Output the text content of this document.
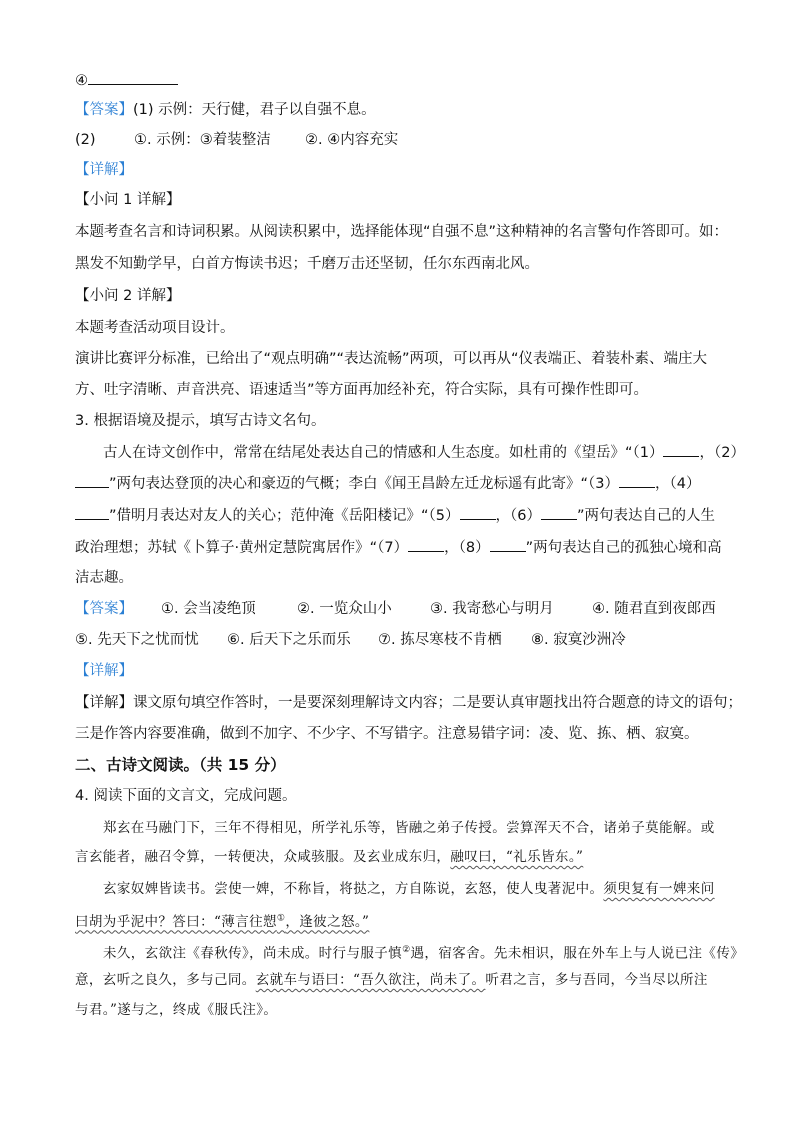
④
【答案】(1) 示例：天行健，君子以自强不息。
(2)	①. 示例：③着装整洁 ②. ④内容充实
【详解】
【小问 1 详解】
本题考查名言和诗词积累。从阅读积累中，选择能体现“自强不息”这种精神的名言警句作答即可。如：
黑发不知勤学早，白首方悔读书迟；千磨万击还坚韧，任尔东西南北风。
【小问 2 详解】
本题考查活动项目设计。
演讲比赛评分标准，已给出了“观点明确”“表达流畅”两项，可以再从“仪表端正、着装朴素、端庄大
方、吐字清晰、声音洪亮、语速适当”等方面再加经补充，符合实际，具有可操作性即可。
3. 根据语境及提示，填写古诗文名句。
古人在诗文创作中，常常在结尾处表达自己的情感和人生态度。如杜甫的《望岳》“（1） ，（2）
”两句表达登顶的决心和豪迈的气概；李白《闻王昌龄左迁龙标遥有此寄》“（3） ，（4）
”借明月表达对友人的关心；范仲淹《岳阳楼记》“（5） ，（6） ”两句表达自己的人生
政治理想；苏轼《卜算子·黄州定慧院寓居作》“（7） ，（8） ”两句表达自己的孤独心境和高
洁志趣。
【答案】 ①. 会当凌绝顶	②. 一览众山小	③. 我寄愁心与明月	④. 随君直到夜郎西
⑤. 先天下之忧而忧 ⑥. 后天下之乐而乐 ⑦. 拣尽寒枝不肯栖 ⑧. 寂寞沙洲冷
【详解】
【详解】课文原句填空作答时，一是要深刻理解诗文内容；二是要认真审题找出符合题意的诗文的语句；
三是作答内容要准确，做到不加字、不少字、不写错字。注意易错字词：凌、览、拣、栖、寂寞。
二、古诗文阅读。（共 15 分）
4. 阅读下面的文言文，完成问题。
郑玄在马融门下，三年不得相见，所学礼乐等，皆融之弟子传授。尝算浑天不合，诸弟子莫能解。或
言玄能者，融召令算，一转便决，众咸骇服。及玄业成东归，融叹曰，“礼乐皆东。”
玄家奴婢皆读书。尝使一婢，不称旨，将挞之，方自陈说，玄怒，使人曳著泥中。须臾复有一婢来问
曰胡为乎泥中？答曰：“薄言往愬①，逢彼之怒。”
未久，玄欲注《春秋传》，尚未成。时行与服子慎②遇，宿客舍。先未相识，服在外车上与人说已注《传》
意，玄听之良久，多与己同。玄就车与语曰：“吾久欲注，尚未了。听君之言，多与吾同，今当尽以所注
与君。”遂与之，终成《服氏注》。
